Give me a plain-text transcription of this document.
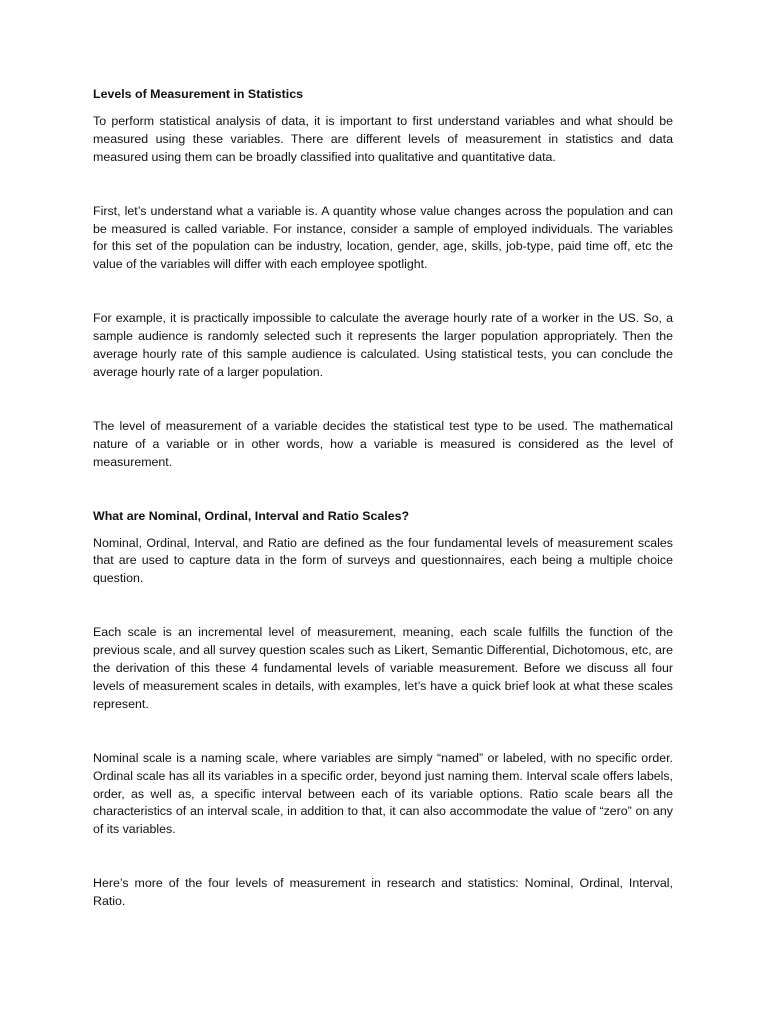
Levels of Measurement in Statistics

To perform statistical analysis of data, it is important to first understand variables and what should be measured using these variables. There are different levels of measurement in statistics and data measured using them can be broadly classified into qualitative and quantitative data.

First, let’s understand what a variable is. A quantity whose value changes across the population and can be measured is called variable. For instance, consider a sample of employed individuals. The variables for this set of the population can be industry, location, gender, age, skills, job-type, paid time off, etc the value of the variables will differ with each employee spotlight.

For example, it is practically impossible to calculate the average hourly rate of a worker in the US. So, a sample audience is randomly selected such it represents the larger population appropriately. Then the average hourly rate of this sample audience is calculated. Using statistical tests, you can conclude the average hourly rate of a larger population.

The level of measurement of a variable decides the statistical test type to be used. The mathematical nature of a variable or in other words, how a variable is measured is considered as the level of measurement.

What are Nominal, Ordinal, Interval and Ratio Scales?

Nominal, Ordinal, Interval, and Ratio are defined as the four fundamental levels of measurement scales that are used to capture data in the form of surveys and questionnaires, each being a multiple choice question.

Each scale is an incremental level of measurement, meaning, each scale fulfills the function of the previous scale, and all survey question scales such as Likert, Semantic Differential, Dichotomous, etc, are the derivation of this these 4 fundamental levels of variable measurement. Before we discuss all four levels of measurement scales in details, with examples, let’s have a quick brief look at what these scales represent.

Nominal scale is a naming scale, where variables are simply “named” or labeled, with no specific order. Ordinal scale has all its variables in a specific order, beyond just naming them. Interval scale offers labels, order, as well as, a specific interval between each of its variable options. Ratio scale bears all the characteristics of an interval scale, in addition to that, it can also accommodate the value of “zero” on any of its variables.

Here’s more of the four levels of measurement in research and statistics: Nominal, Ordinal, Interval, Ratio.
